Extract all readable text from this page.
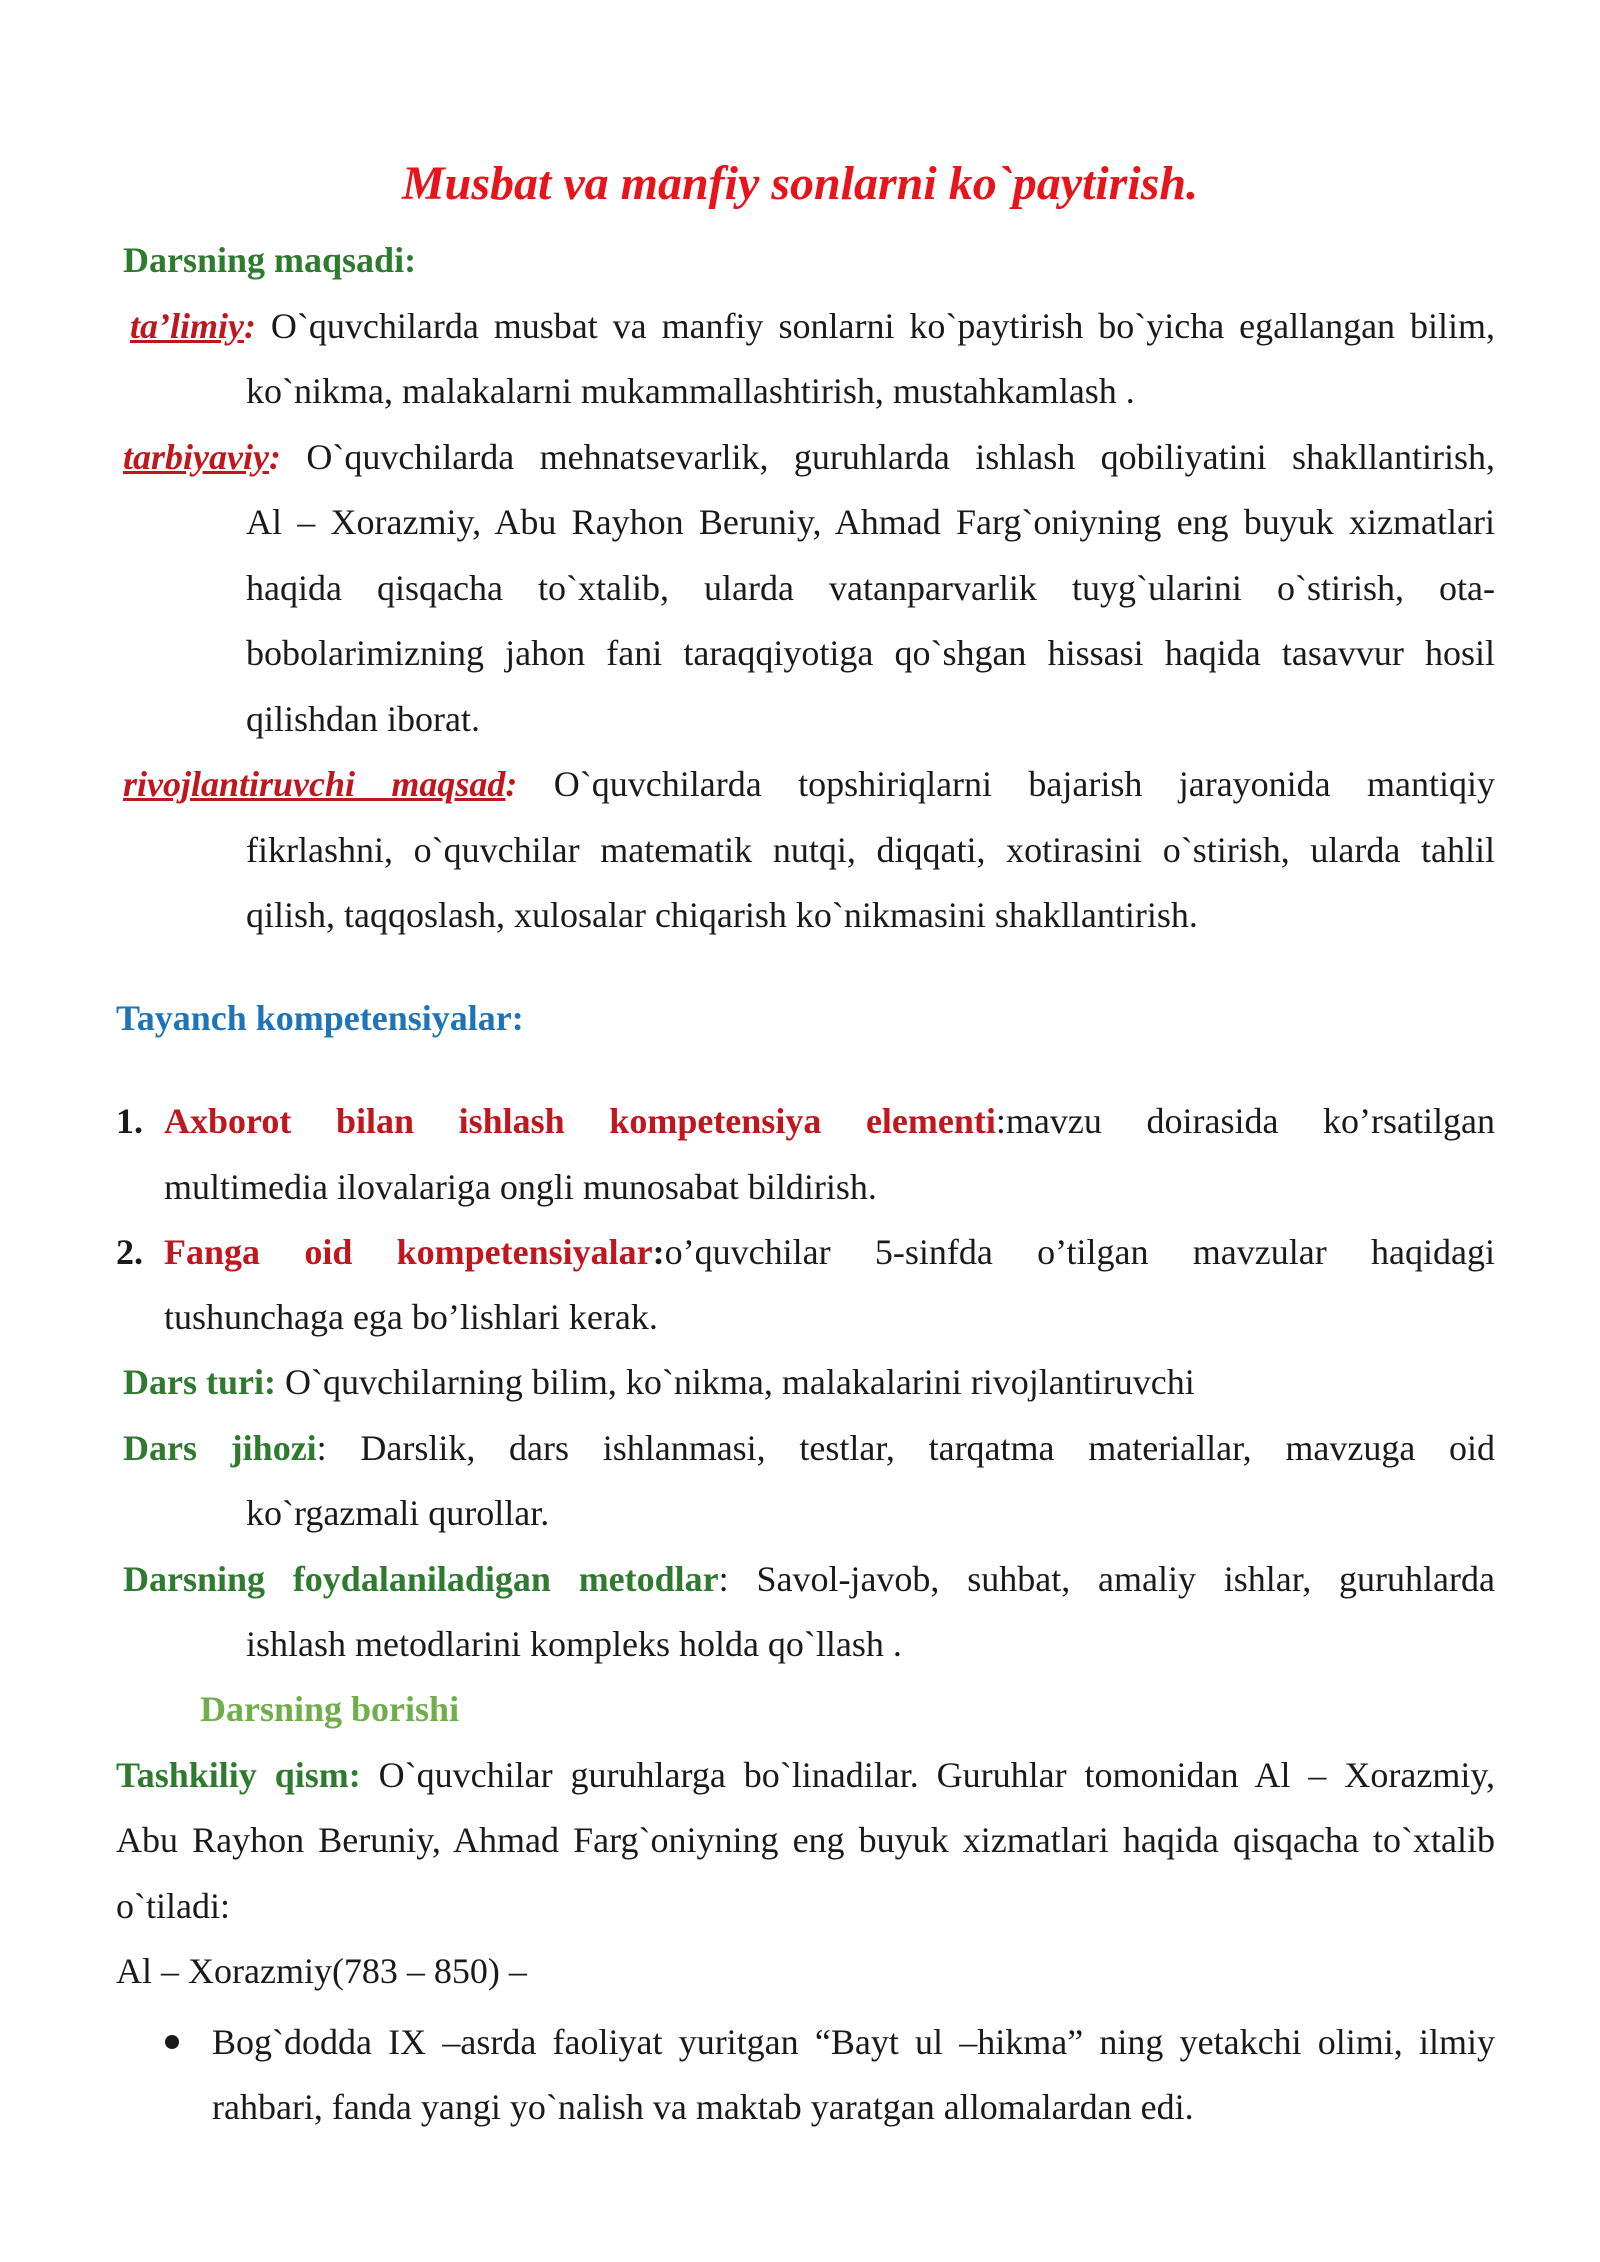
Musbat va manfiy sonlarni ko`paytirish.
Darsning maqsadi:
ta’limiy: O`quvchilarda musbat va manfiy sonlarni ko`paytirish bo`yicha egallangan bilim,
ko`nikma, malakalarni mukammallashtirish, mustahkamlash .
tarbiyaviy: O`quvchilarda mehnatsevarlik, guruhlarda ishlash qobiliyatini shakllantirish,
Al – Xorazmiy, Abu Rayhon Beruniy, Ahmad Farg`oniyning eng buyuk xizmatlari
haqida qisqacha to`xtalib, ularda vatanparvarlik tuyg`ularini o`stirish, ota-
bobolarimizning jahon fani taraqqiyotiga qo`shgan hissasi haqida tasavvur hosil
qilishdan iborat.
rivojlantiruvchi maqsad: O`quvchilarda topshiriqlarni bajarish jarayonida mantiqiy
fikrlashni, o`quvchilar matematik nutqi, diqqati, xotirasini o`stirish, ularda tahlil
qilish, taqqoslash, xulosalar chiqarish ko`nikmasini shakllantirish.
Tayanch kompetensiyalar:
1. Axborot bilan ishlash kompetensiya elementi:mavzu doirasida ko’rsatilgan
multimedia ilovalariga ongli munosabat bildirish.
2. Fanga oid kompetensiyalar:o’quvchilar 5-sinfda o’tilgan mavzular haqidagi
tushunchaga ega bo’lishlari kerak.
Dars turi: O`quvchilarning bilim, ko`nikma, malakalarini rivojlantiruvchi
Dars jihozi: Darslik, dars ishlanmasi, testlar, tarqatma materiallar, mavzuga oid
ko`rgazmali qurollar.
Darsning foydalaniladigan metodlar: Savol-javob, suhbat, amaliy ishlar, guruhlarda
ishlash metodlarini kompleks holda qo`llash .
Darsning borishi
Tashkiliy qism: O`quvchilar guruhlarga bo`linadilar. Guruhlar tomonidan Al – Xorazmiy,
Abu Rayhon Beruniy, Ahmad Farg`oniyning eng buyuk xizmatlari haqida qisqacha to`xtalib
o`tiladi:
Al – Xorazmiy(783 – 850) –
Bog`dodda IX –asrda faoliyat yuritgan “Bayt ul –hikma” ning yetakchi olimi, ilmiy
rahbari, fanda yangi yo`nalish va maktab yaratgan allomalardan edi.
